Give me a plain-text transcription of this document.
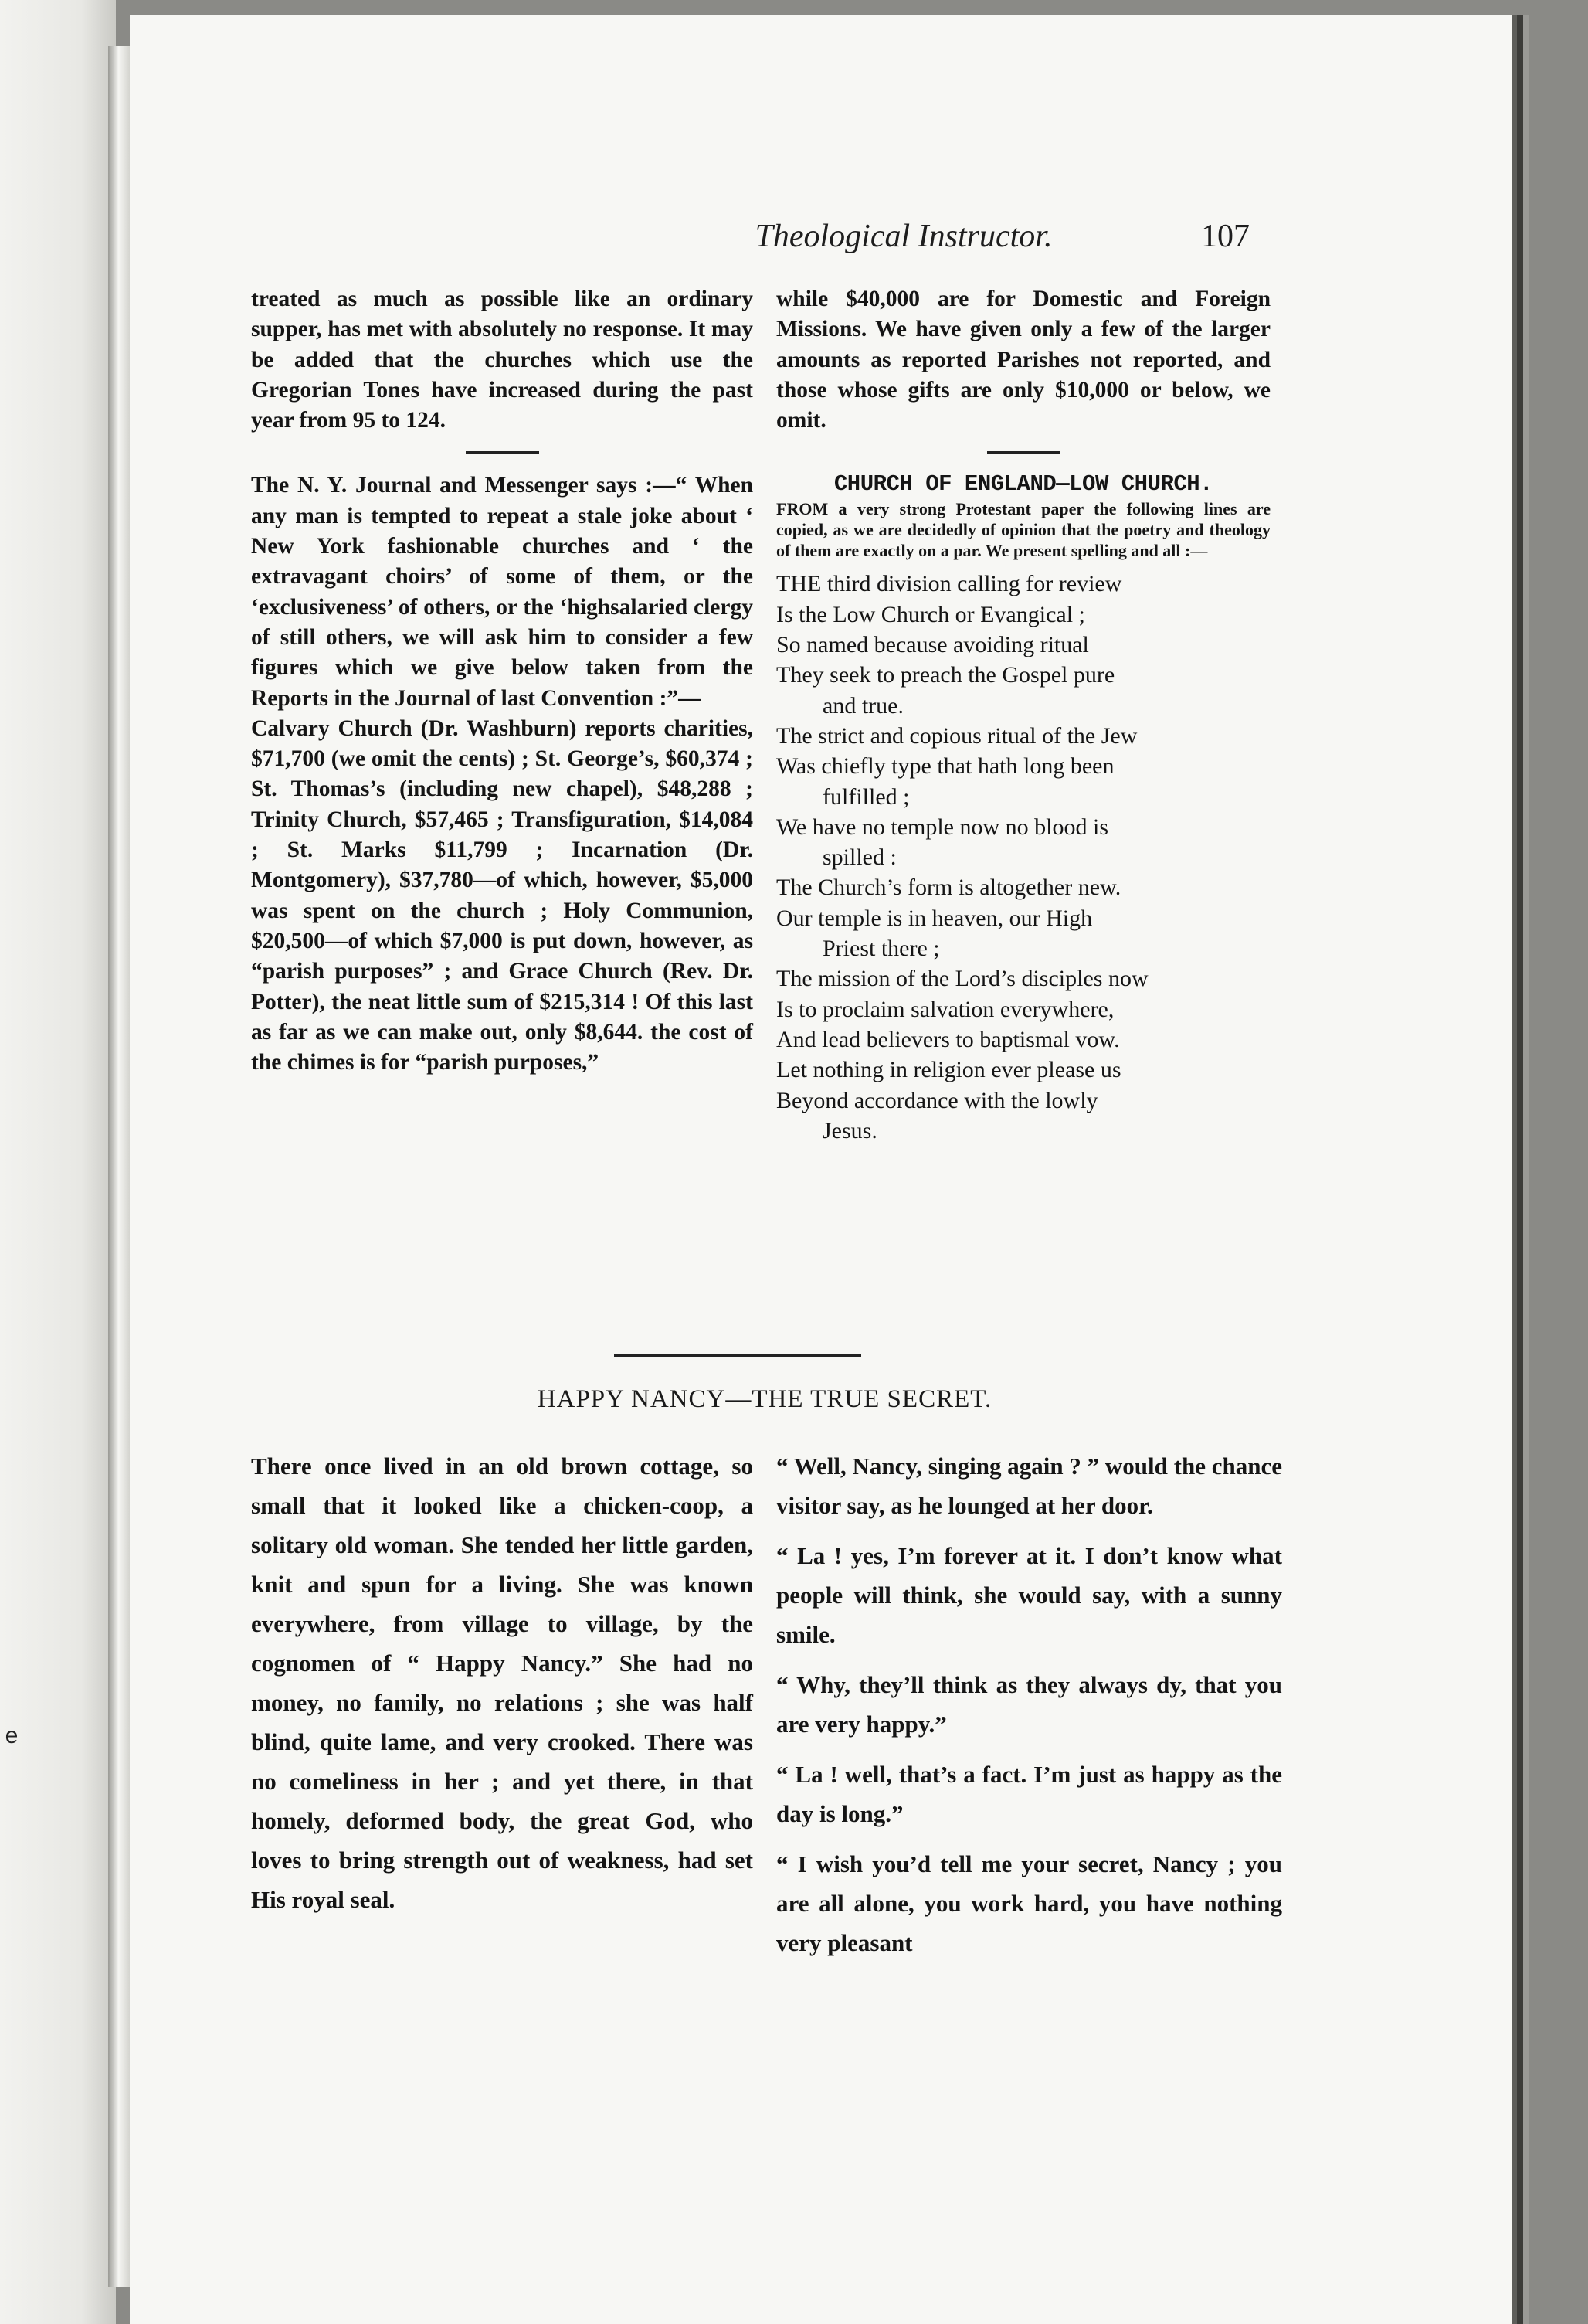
e
Theological Instructor.	107

treated as much as possible like an ordinary supper, has met with absolutely no response. It may be added that the churches which use the Gregorian Tones have increased during the past year from 95 to 124.

The N. Y. Journal and Messenger says :—“ When any man is tempted to repeat a stale joke about ‘ New York fashionable churches and ‘ the extravagant choirs’ of some of them, or the ‘exclusiveness’ of others, or the ‘highsalaried clergy of still others, we will ask him to consider a few figures which we give below taken from the Reports in the Journal of last Convention :”—

Calvary Church (Dr. Washburn) reports charities, $71,700 (we omit the cents) ; St. George’s, $60,374 ; St. Thomas’s (including new chapel), $48,288 ; Trinity Church, $57,465 ; Transfiguration, $14,084 ; St. Marks $11,799 ; Incarnation (Dr. Montgomery), $37,780—of which, however, $5,000 was spent on the church ; Holy Communion, $20,500—of which $7,000 is put down, however, as “parish purposes” ; and Grace Church (Rev. Dr. Potter), the neat little sum of $215,314 ! Of this last as far as we can make out, only $8,644. the cost of the chimes is for “parish purposes,”

while $40,000 are for Domestic and Foreign Missions. We have given only a few of the larger amounts as reported Parishes not reported, and those whose gifts are only $10,000 or below, we omit.

CHURCH OF ENGLAND—LOW CHURCH.

FROM a very strong Protestant paper the following lines are copied, as we are decidedly of opinion that the poetry and theology of them are exactly on a par. We present spelling and all :—

THE third division calling for review
Is the Low Church or Evangical ;
So named because avoiding ritual
They seek to preach the Gospel pure
and true.
The strict and copious ritual of the Jew
Was chiefly type that hath long been
fulfilled ;
We have no temple now no blood is
spilled :
The Church’s form is altogether new.
Our temple is in heaven, our High
Priest there ;
The mission of the Lord’s disciples now
Is to proclaim salvation everywhere,
And lead believers to baptismal vow.
Let nothing in religion ever please us
Beyond accordance with the lowly
Jesus.
HAPPY NANCY—THE TRUE SECRET.

There once lived in an old brown cottage, so small that it looked like a chicken-coop, a solitary old woman. She tended her little garden, knit and spun for a living. She was known everywhere, from village to village, by the cognomen of “ Happy Nancy.” She had no money, no family, no relations ; she was half blind, quite lame, and very crooked. There was no comeliness in her ; and yet there, in that homely, deformed body, the great God, who loves to bring strength out of weakness, had set His royal seal.

“ Well, Nancy, singing again ? ” would the chance visitor say, as he lounged at her door.

“ La ! yes, I’m forever at it. I don’t know what people will think, she would say, with a sunny smile.

“ Why, they’ll think as they always dy, that you are very happy.”

“ La ! well, that’s a fact. I’m just as happy as the day is long.”

“ I wish you’d tell me your secret, Nancy ; you are all alone, you work hard, you have nothing very pleasant
